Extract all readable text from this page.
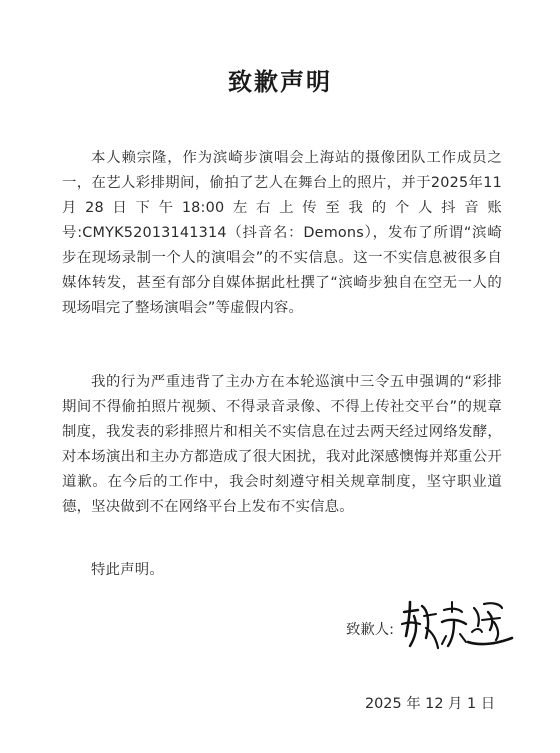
致歉声明

本人赖宗隆，作为滨崎步演唱会上海站的摄像团队工作成员之一，在艺人彩排期间，偷拍了艺人在舞台上的照片，并于2025年11月28日下午18:00左右上传至我的个人抖音账号:CMYK52013141314（抖音名：Demons），发布了所谓“滨崎步在现场录制一个人的演唱会”的不实信息。这一不实信息被很多自媒体转发，甚至有部分自媒体据此杜撰了“滨崎步独自在空无一人的现场唱完了整场演唱会”等虚假内容。

我的行为严重违背了主办方在本轮巡演中三令五申强调的“彩排期间不得偷拍照片视频、不得录音录像、不得上传社交平台”的规章制度，我发表的彩排照片和相关不实信息在过去两天经过网络发酵，对本场演出和主办方都造成了很大困扰，我对此深感懊悔并郑重公开道歉。在今后的工作中，我会时刻遵守相关规章制度，坚守职业道德，坚决做到不在网络平台上发布不实信息。

特此声明。

致歉人:
2025 年 12 月 1 日
